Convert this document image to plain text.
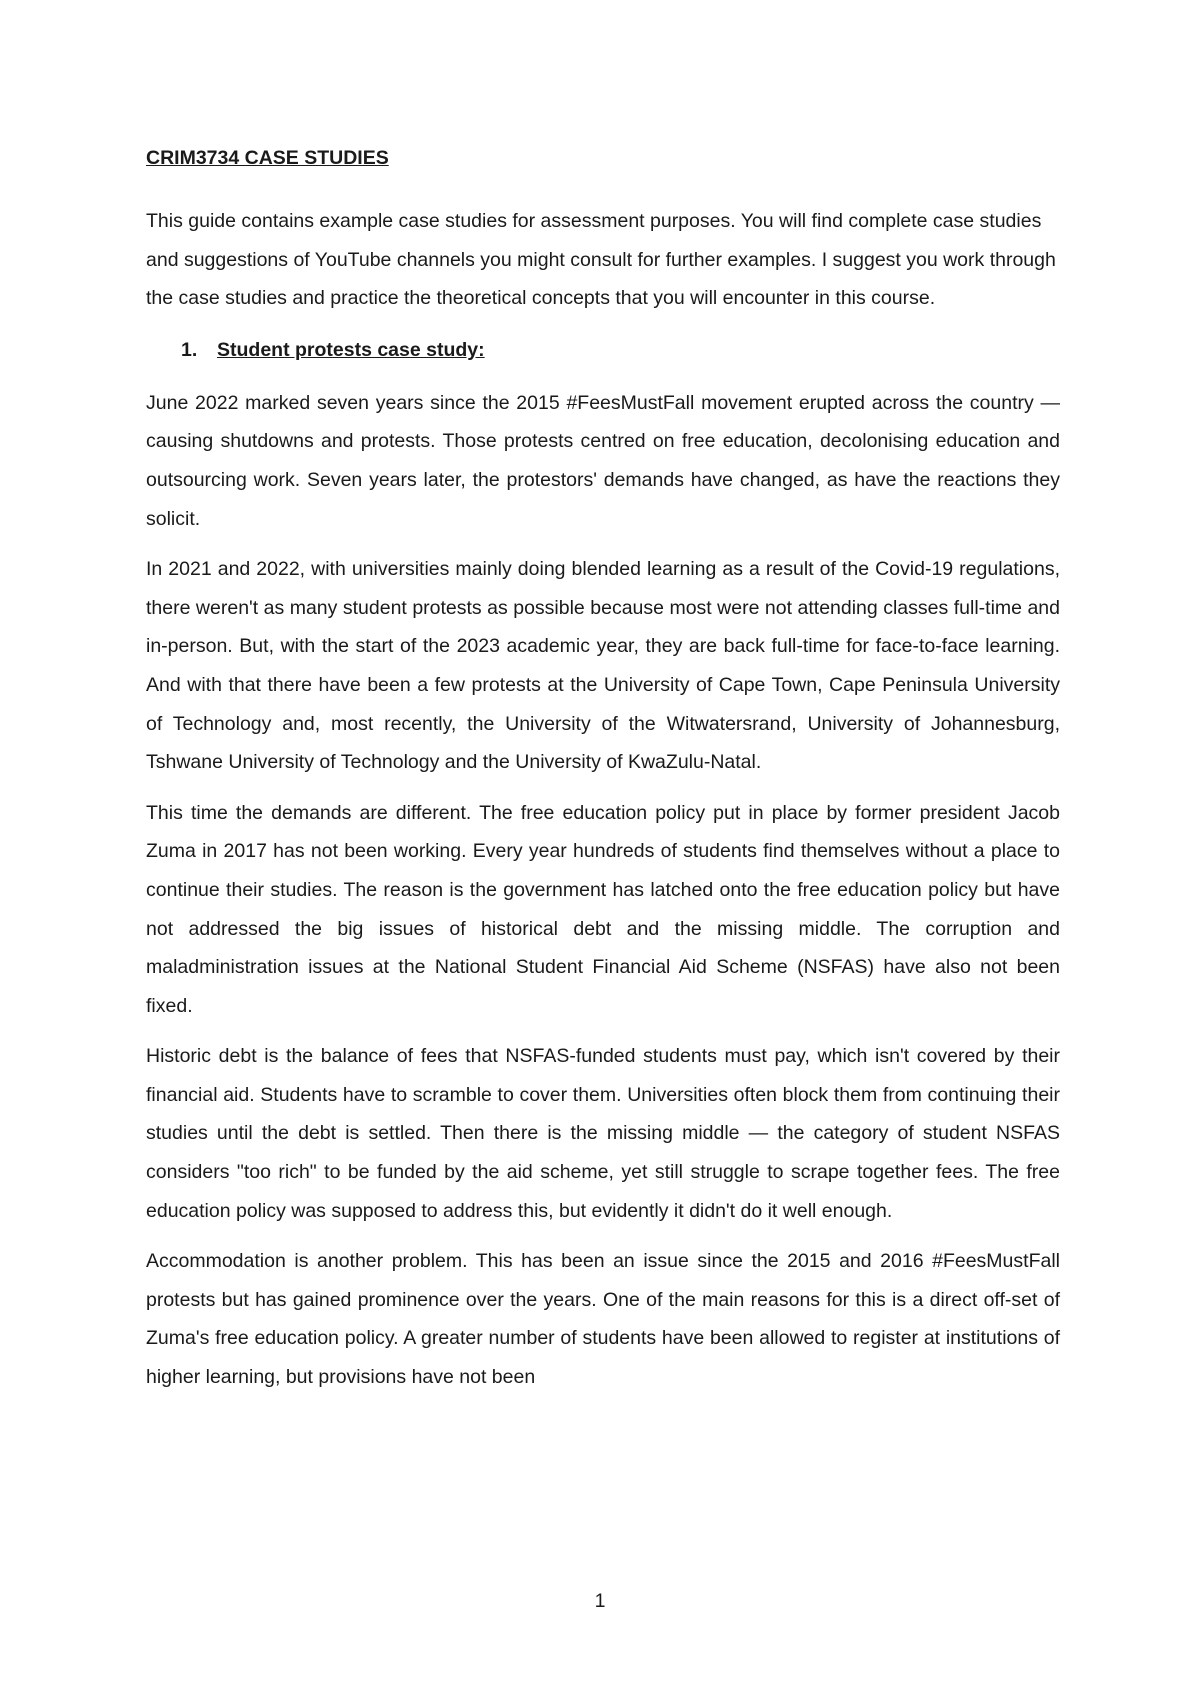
CRIM3734 CASE STUDIES

This guide contains example case studies for assessment purposes. You will find complete case studies and suggestions of YouTube channels you might consult for further examples. I suggest you work through the case studies and practice the theoretical concepts that you will encounter in this course.

1. Student protests case study:

June 2022 marked seven years since the 2015 #FeesMustFall movement erupted across the country — causing shutdowns and protests. Those protests centred on free education, decolonising education and outsourcing work. Seven years later, the protestors' demands have changed, as have the reactions they solicit.

In 2021 and 2022, with universities mainly doing blended learning as a result of the Covid-19 regulations, there weren't as many student protests as possible because most were not attending classes full-time and in-person. But, with the start of the 2023 academic year, they are back full-time for face-to-face learning. And with that there have been a few protests at the University of Cape Town, Cape Peninsula University of Technology and, most recently, the University of the Witwatersrand, University of Johannesburg, Tshwane University of Technology and the University of KwaZulu-Natal.

This time the demands are different. The free education policy put in place by former president Jacob Zuma in 2017 has not been working. Every year hundreds of students find themselves without a place to continue their studies. The reason is the government has latched onto the free education policy but have not addressed the big issues of historical debt and the missing middle. The corruption and maladministration issues at the National Student Financial Aid Scheme (NSFAS) have also not been fixed.

Historic debt is the balance of fees that NSFAS-funded students must pay, which isn't covered by their financial aid. Students have to scramble to cover them. Universities often block them from continuing their studies until the debt is settled. Then there is the missing middle — the category of student NSFAS considers "too rich" to be funded by the aid scheme, yet still struggle to scrape together fees. The free education policy was supposed to address this, but evidently it didn't do it well enough.

Accommodation is another problem. This has been an issue since the 2015 and 2016 #FeesMustFall protests but has gained prominence over the years. One of the main reasons for this is a direct off-set of Zuma's free education policy. A greater number of students have been allowed to register at institutions of higher learning, but provisions have not been

1
